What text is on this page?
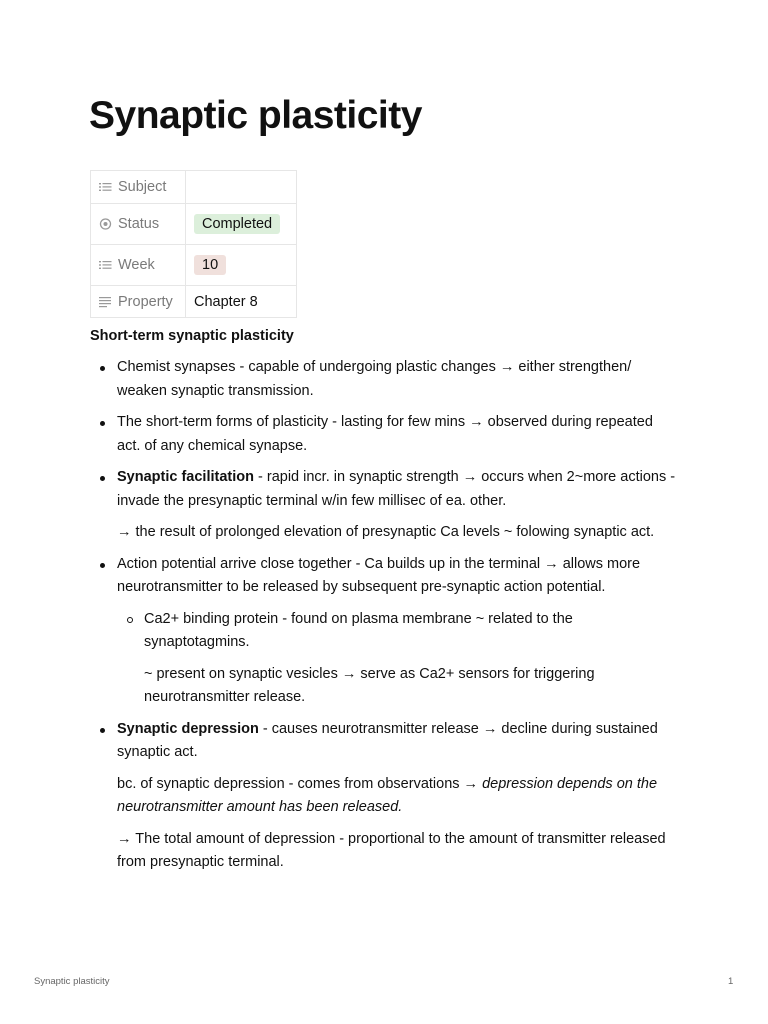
Synaptic plasticity
Subject	

Status	Completed

Week	10

Property	Chapter 8
Short-term synaptic plasticity

Chemist synapses - capable of undergoing plastic changes → either strengthen/ weaken synaptic transmission.

The short-term forms of plasticity - lasting for few mins → observed during repeated act. of any chemical synapse.

Synaptic facilitation - rapid incr. in synaptic strength → occurs when 2~more actions - invade the presynaptic terminal w/in few millisec of ea. other.

→ the result of prolonged elevation of presynaptic Ca levels ~ folowing synaptic act.

Action potential arrive close together - Ca builds up in the terminal → allows more neurotransmitter to be released by subsequent pre-synaptic action potential.

Ca2+ binding protein - found on plasma membrane ~ related to the synaptotagmins.

~ present on synaptic vesicles → serve as Ca2+ sensors for triggering neurotransmitter release.

Synaptic depression - causes neurotransmitter release → decline during sustained synaptic act.

bc. of synaptic depression - comes from observations → depression depends on the neurotransmitter amount has been released.

→ The total amount of depression - proportional to the amount of transmitter released from presynaptic terminal.

Synaptic plasticity	1
